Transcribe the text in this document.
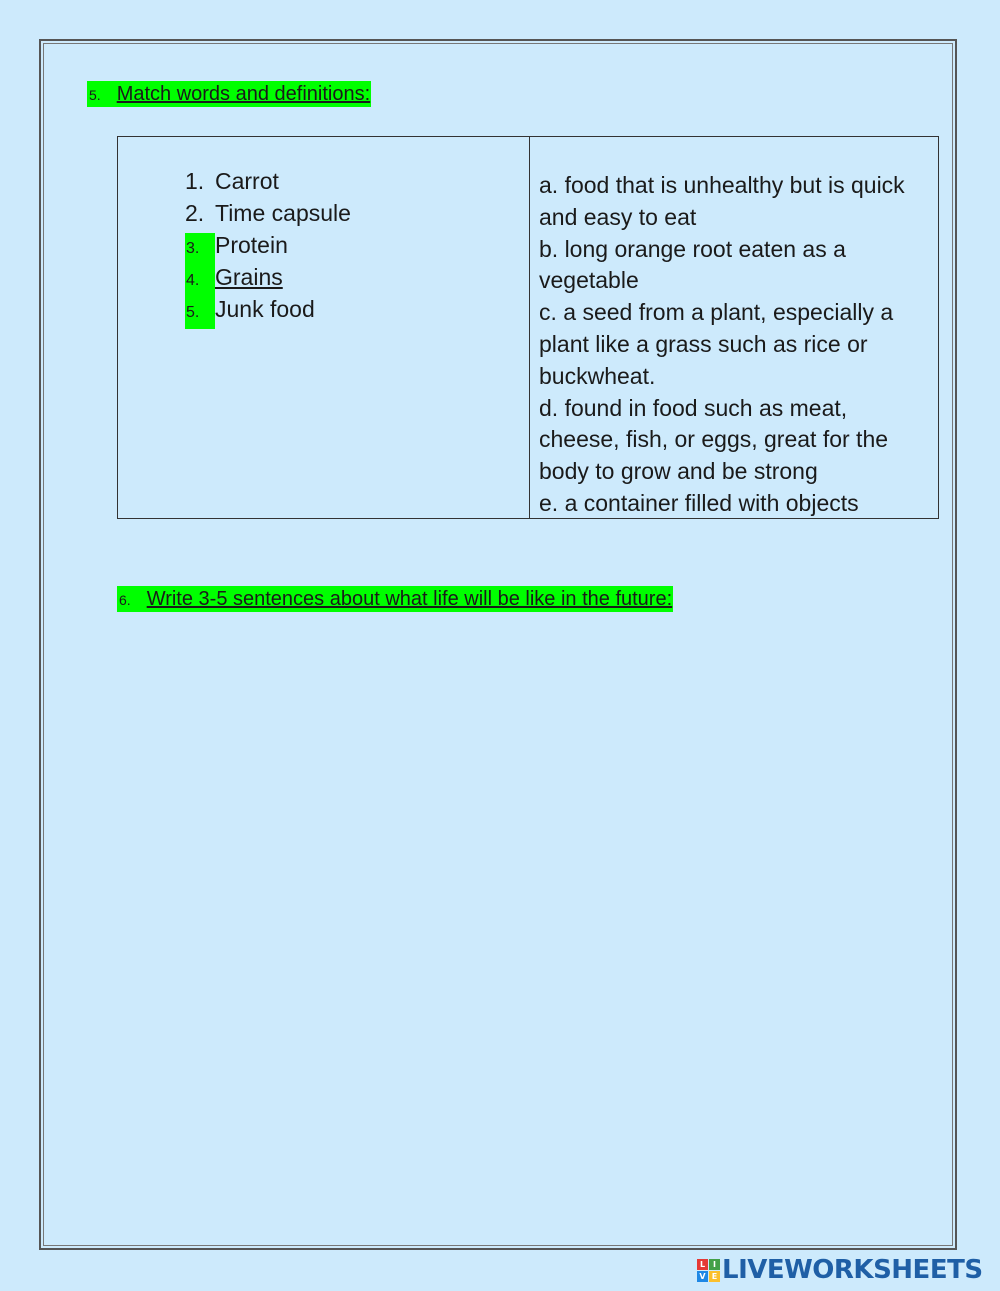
5. Match words and definitions:
1. Carrot
2. Time capsule
3. Protein
4. Grains
5. Junk food
a. food that is unhealthy but is quick
and easy to eat
b. long orange root eaten as a
vegetable
c. a seed from a plant, especially a
plant like a grass such as rice or
buckwheat.
d. found in food such as meat,
cheese, fish, or eggs, great for the
body to grow and be strong
e. a container filled with objects
6. Write 3-5 sentences about what life will be like in the future:
L I
V E LIVEWORKSHEETS
